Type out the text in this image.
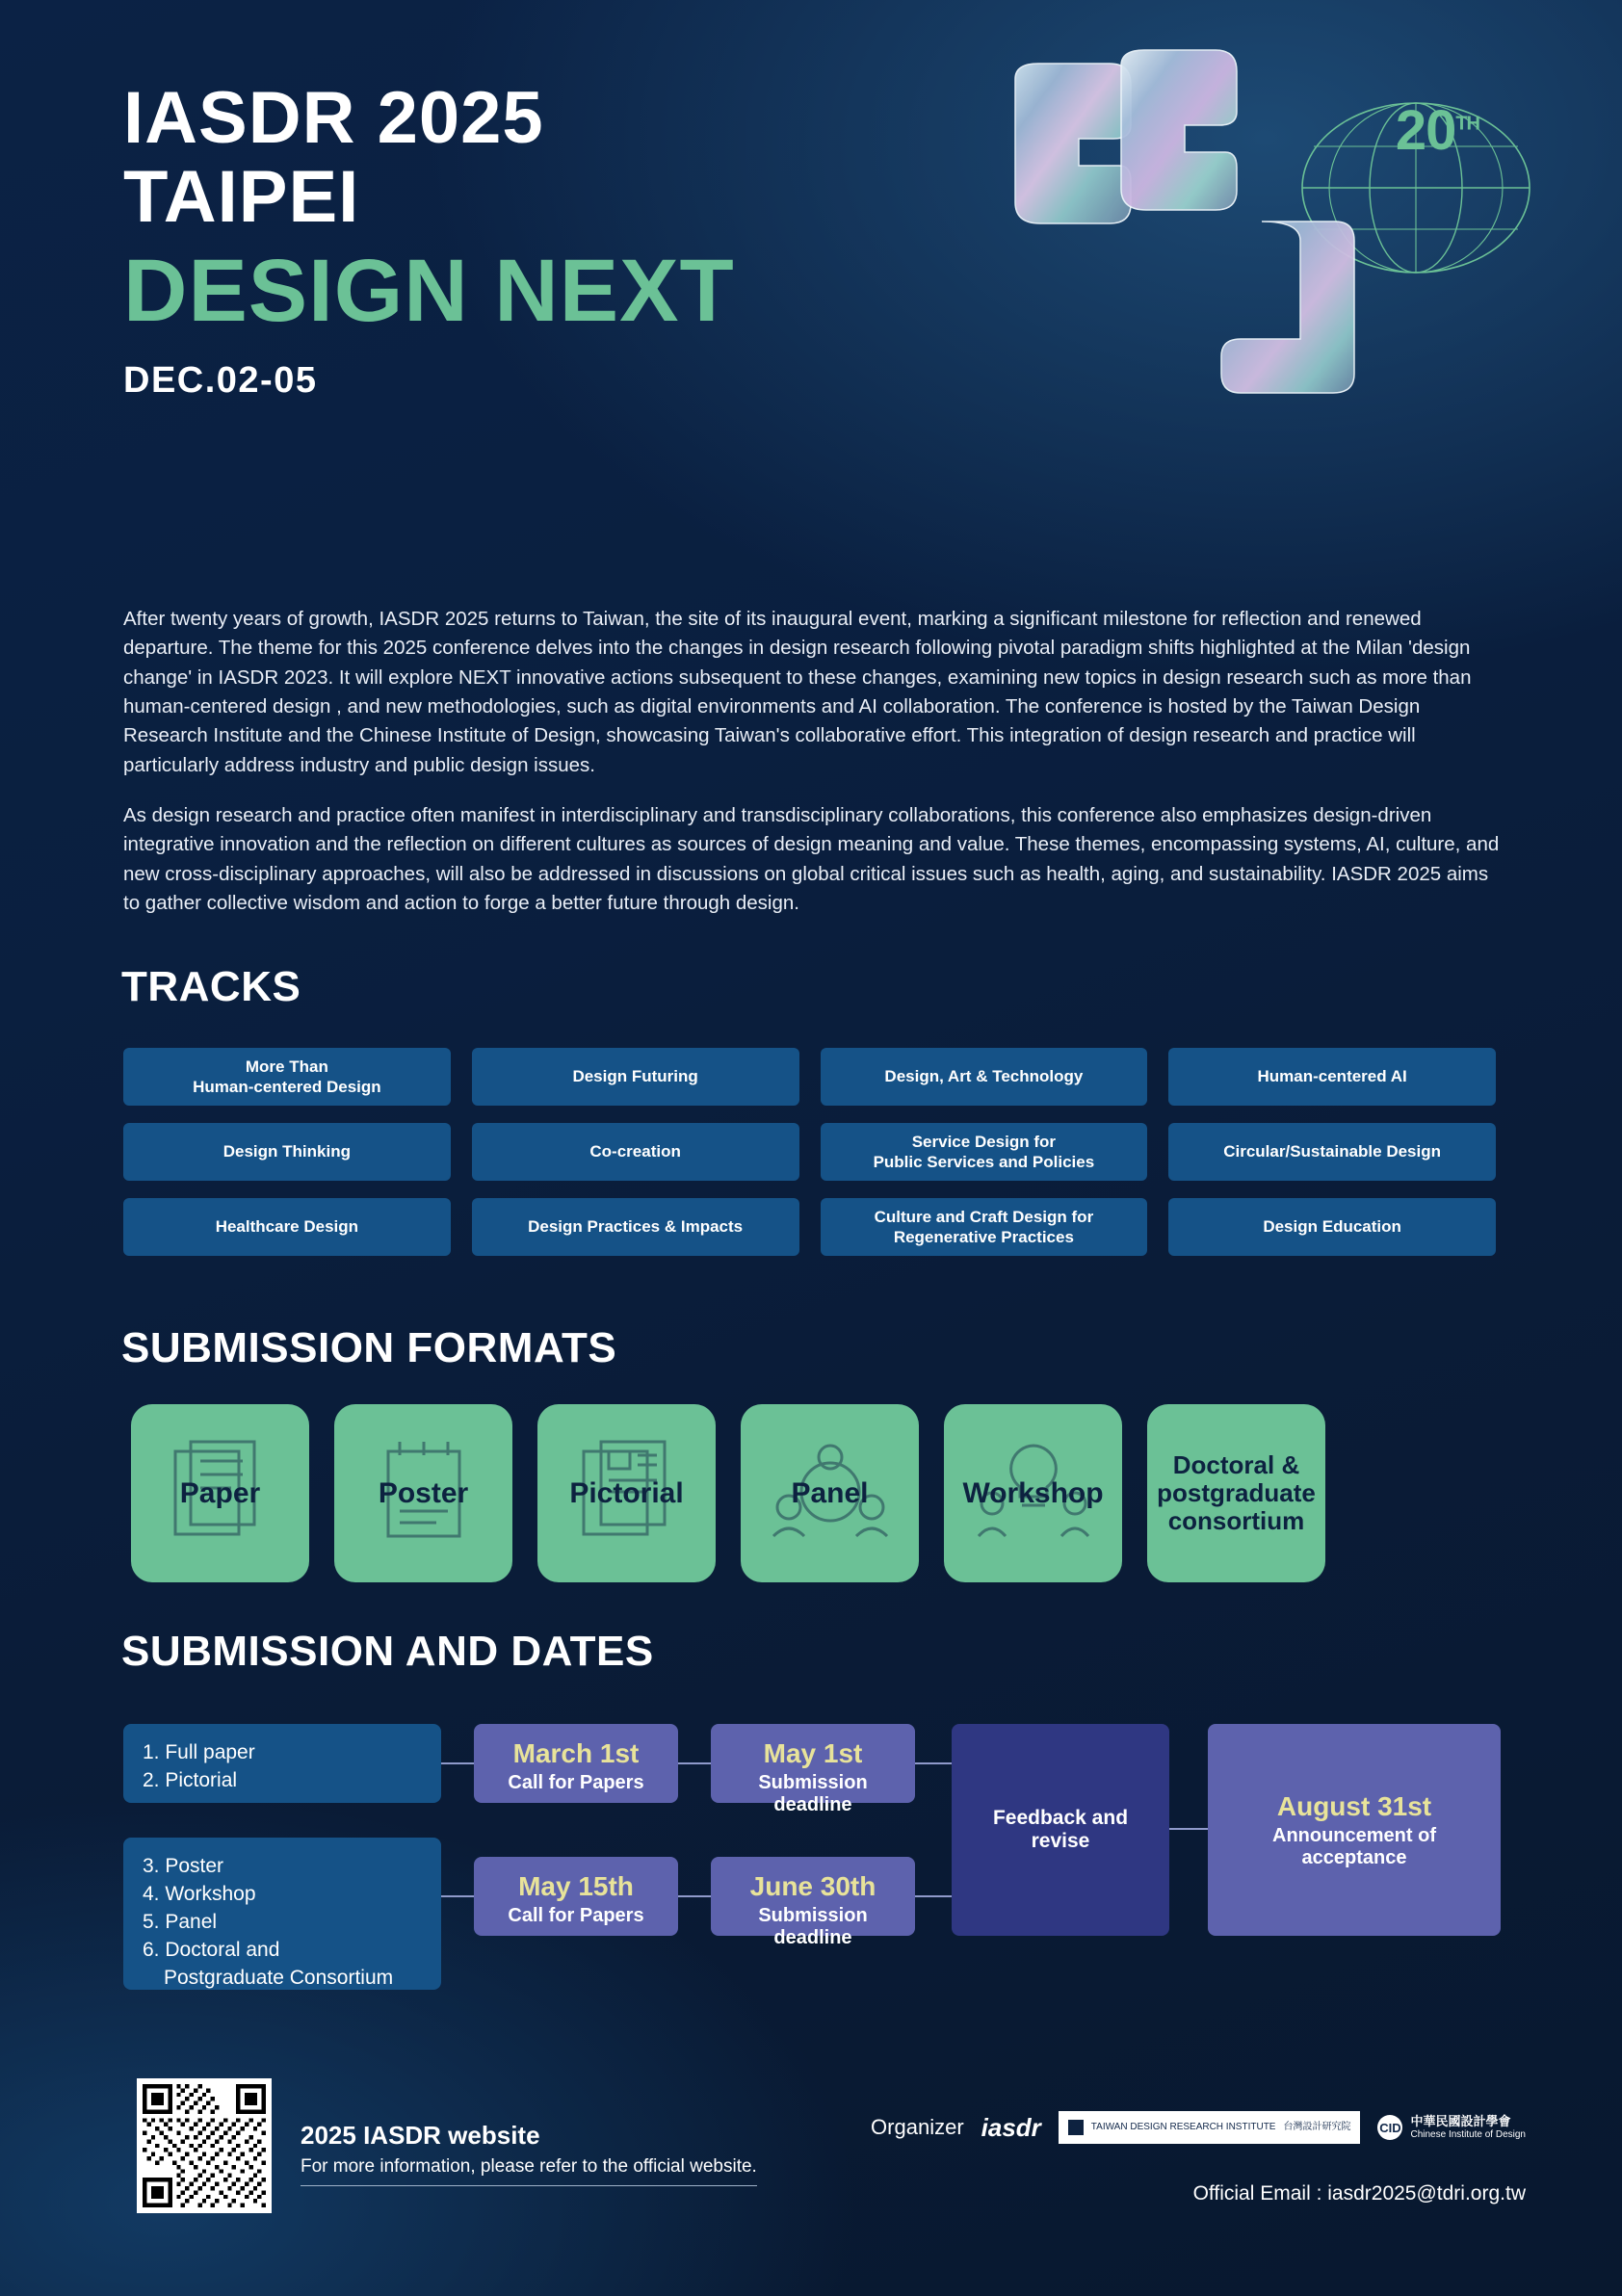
IASDR 2025
TAIPEI
DESIGN NEXT
DEC.02-05
20TH

After twenty years of growth, IASDR 2025 returns to Taiwan, the site of its inaugural event, marking a significant milestone for reflection and renewed departure. The theme for this 2025 conference delves into the changes in design research following pivotal paradigm shifts highlighted at the Milan 'design change' in IASDR 2023. It will explore NEXT innovative actions subsequent to these changes, examining new topics in design research such as more than human-centered design , and new methodologies, such as digital environments and AI collaboration. The conference is hosted by the Taiwan Design Research Institute and the Chinese Institute of Design, showcasing Taiwan's collaborative effort. This integration of design research and practice will particularly address industry and public design issues.

As design research and practice often manifest in interdisciplinary and transdisciplinary collaborations, this conference also emphasizes design-driven integrative innovation and the reflection on different cultures as sources of design meaning and value. These themes, encompassing systems, AI, culture, and new cross-disciplinary approaches, will also be addressed in discussions on global critical issues such as health, aging, and sustainability. IASDR 2025 aims to gather collective wisdom and action to forge a better future through design.

TRACKS
More Than
Human-centered Design
Design Futuring	Design, Art & Technology	Human-centered AI
Design Thinking	Co-creation
Service Design for
Public Services and Policies
Circular/Sustainable Design
Healthcare Design	Design Practices & Impacts
Culture and Craft Design for
Regenerative Practices
Design Education
SUBMISSION FORMATS
Paper	Poster	Pictorial	Panel	Workshop
Doctoral &
postgraduate
consortium
SUBMISSION AND DATES
1. Full paper
2. Pictorial
3. Poster
4. Workshop
5. Panel
6. Doctoral and
Postgraduate Consortium
March 1st
Call for Papers
May 1st
Submission deadline
May 15th
Call for Papers
June 30th
Submission deadline
Feedback and revise
August 31st
Announcement of acceptance
2025 IASDR website
For more information, please refer to the official website.
Organizer iasdr	TAIWAN DESIGN RESEARCH INSTITUTE 台灣設計研究院 CID 中華民國設計學會
Chinese Institute of Design
Official Email : iasdr2025@tdri.org.tw
